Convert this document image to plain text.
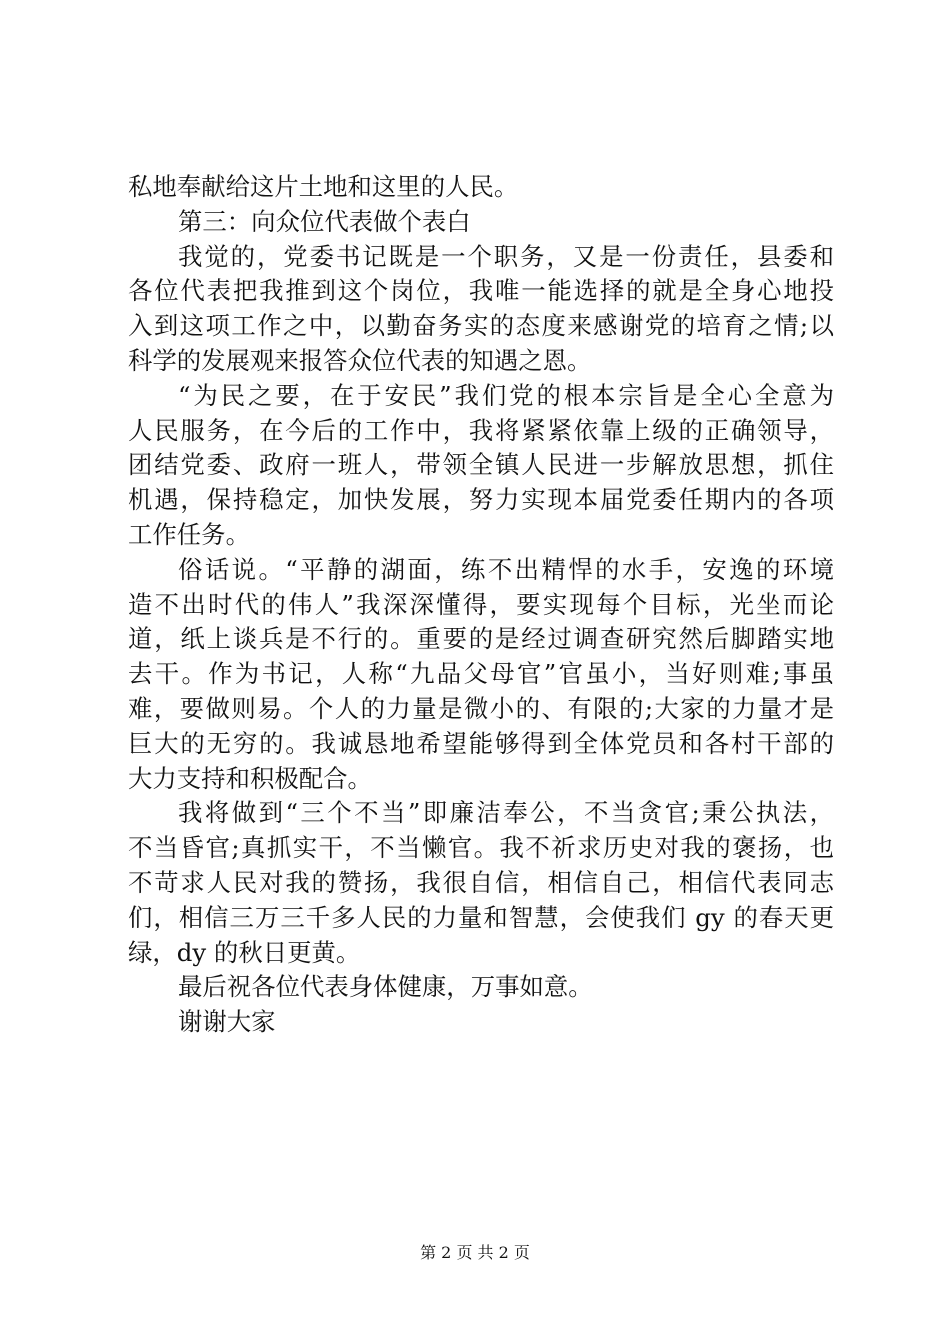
私地奉献给这片土地和这里的人民。
第三：向众位代表做个表白
我觉的，党委书记既是一个职务，又是一份责任，县委和
各位代表把我推到这个岗位，我唯一能选择的就是全身心地投
入到这项工作之中，以勤奋务实的态度来感谢党的培育之情;以
科学的发展观来报答众位代表的知遇之恩。
“为民之要，在于安民”我们党的根本宗旨是全心全意为
人民服务，在今后的工作中，我将紧紧依靠上级的正确领导，
团结党委、政府一班人，带领全镇人民进一步解放思想，抓住
机遇，保持稳定，加快发展，努力实现本届党委任期内的各项
工作任务。
俗话说。“平静的湖面，练不出精悍的水手，安逸的环境
造不出时代的伟人”我深深懂得，要实现每个目标，光坐而论
道，纸上谈兵是不行的。重要的是经过调查研究然后脚踏实地
去干。作为书记，人称“九品父母官”官虽小，当好则难;事虽
难，要做则易。个人的力量是微小的、有限的;大家的力量才是
巨大的无穷的。我诚恳地希望能够得到全体党员和各村干部的
大力支持和积极配合。
我将做到“三个不当”即廉洁奉公，不当贪官;秉公执法，
不当昏官;真抓实干，不当懒官。我不祈求历史对我的褒扬，也
不苛求人民对我的赞扬，我很自信，相信自己，相信代表同志
们，相信三万三千多人民的力量和智慧，会使我们 gy 的春天更
绿，dy 的秋日更黄。
最后祝各位代表身体健康，万事如意。
谢谢大家
第 2 页 共 2 页
